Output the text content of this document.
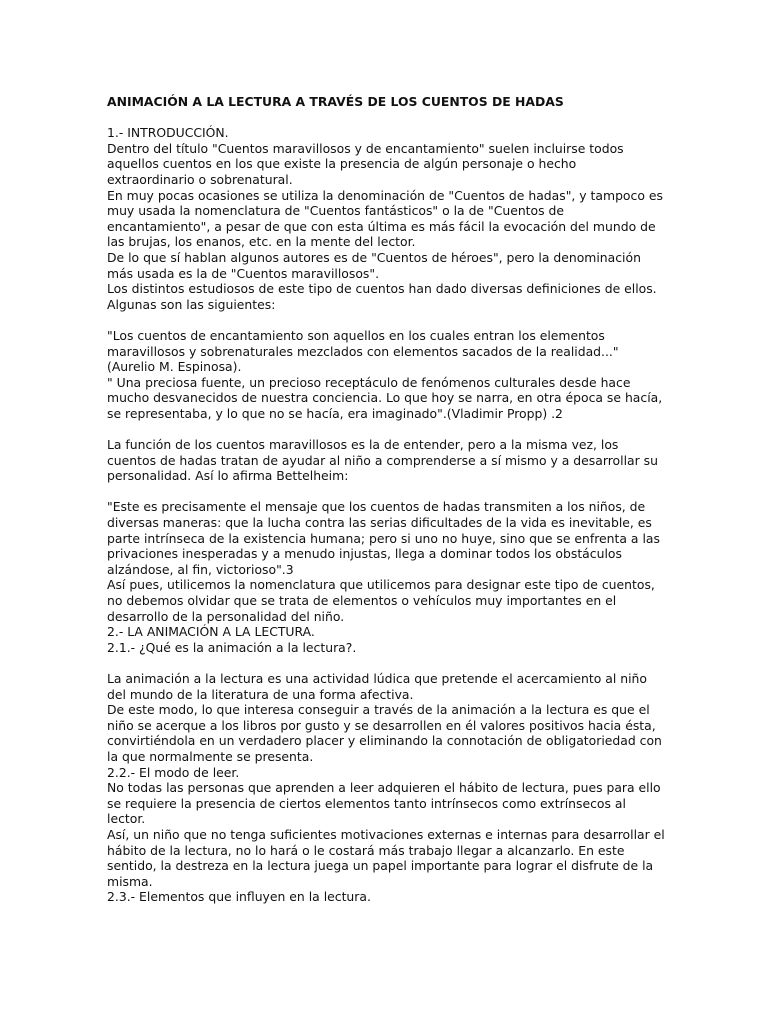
ANIMACIÓN A LA LECTURA A TRAVÉS DE LOS CUENTOS DE HADAS

1.- INTRODUCCIÓN.

Dentro del título "Cuentos maravillosos y de encantamiento" suelen incluirse todos aquellos cuentos en los que existe la presencia de algún personaje o hecho extraordinario o sobrenatural.

En muy pocas ocasiones se utiliza la denominación de "Cuentos de hadas", y tampoco es muy usada la nomenclatura de "Cuentos fantásticos" o la de "Cuentos de encantamiento", a pesar de que con esta última es más fácil la evocación del mundo de las brujas, los enanos, etc. en la mente del lector.

De lo que sí hablan algunos autores es de "Cuentos de héroes", pero la denominación más usada es la de "Cuentos maravillosos".

Los distintos estudiosos de este tipo de cuentos han dado diversas definiciones de ellos. Algunas son las siguientes:

"Los cuentos de encantamiento son aquellos en los cuales entran los elementos maravillosos y sobrenaturales mezclados con elementos sacados de la realidad..." (Aurelio M. Espinosa).

" Una preciosa fuente, un precioso receptáculo de fenómenos culturales desde hace mucho desvanecidos de nuestra conciencia. Lo que hoy se narra, en otra época se hacía, se representaba, y lo que no se hacía, era imaginado".(Vladimir Propp) .2

La función de los cuentos maravillosos es la de entender, pero a la misma vez, los cuentos de hadas tratan de ayudar al niño a comprenderse a sí mismo y a desarrollar su personalidad. Así lo afirma Bettelheim:

"Este es precisamente el mensaje que los cuentos de hadas transmiten a los niños, de diversas maneras: que la lucha contra las serias dificultades de la vida es inevitable, es parte intrínseca de la existencia humana; pero si uno no huye, sino que se enfrenta a las privaciones inesperadas y a menudo injustas, llega a dominar todos los obstáculos alzándose, al fin, victorioso".3

Así pues, utilicemos la nomenclatura que utilicemos para designar este tipo de cuentos, no debemos olvidar que se trata de elementos o vehículos muy importantes en el desarrollo de la personalidad del niño.

2.- LA ANIMACIÓN A LA LECTURA.

2.1.- ¿Qué es la animación a la lectura?.

La animación a la lectura es una actividad lúdica que pretende el acercamiento al niño del mundo de la literatura de una forma afectiva.

De este modo, lo que interesa conseguir a través de la animación a la lectura es que el niño se acerque a los libros por gusto y se desarrollen en él valores positivos hacia ésta, convirtiéndola en un verdadero placer y eliminando la connotación de obligatoriedad con la que normalmente se presenta.

2.2.- El modo de leer.

No todas las personas que aprenden a leer adquieren el hábito de lectura, pues para ello se requiere la presencia de ciertos elementos tanto intrínsecos como extrínsecos al lector.

Así, un niño que no tenga suficientes motivaciones externas e internas para desarrollar el hábito de la lectura, no lo hará o le costará más trabajo llegar a alcanzarlo. En este sentido, la destreza en la lectura juega un papel importante para lograr el disfrute de la misma.

2.3.- Elementos que influyen en la lectura.
